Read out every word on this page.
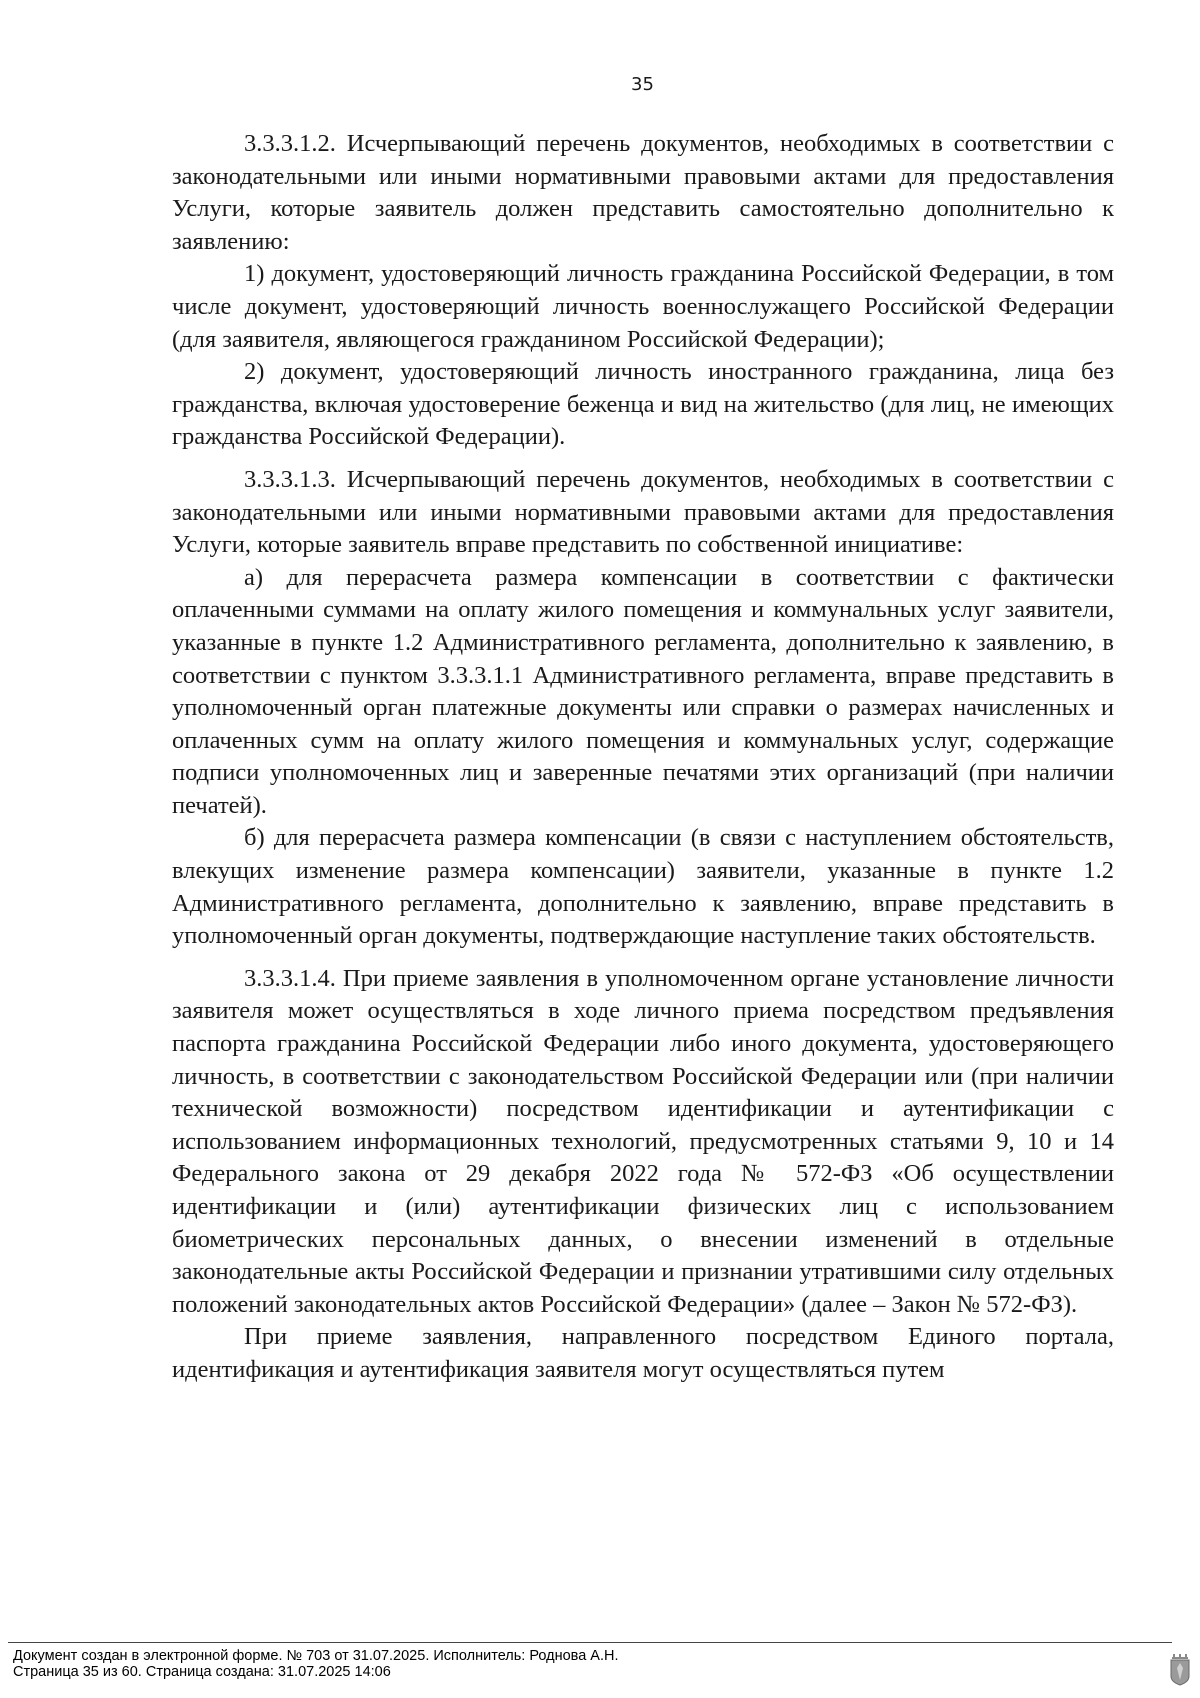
35

3.3.3.1.2. Исчерпывающий перечень документов, необходимых в соответствии с законодательными или иными нормативными правовыми актами для предоставления Услуги, которые заявитель должен представить самостоятельно дополнительно к заявлению:

1) документ, удостоверяющий личность гражданина Российской Федерации, в том числе документ, удостоверяющий личность военнослужащего Российской Федерации (для заявителя, являющегося гражданином Российской Федерации);

2) документ, удостоверяющий личность иностранного гражданина, лица без гражданства, включая удостоверение беженца и вид на жительство (для лиц, не имеющих гражданства Российской Федерации).

3.3.3.1.3. Исчерпывающий перечень документов, необходимых в соответствии с законодательными или иными нормативными правовыми актами для предоставления Услуги, которые заявитель вправе представить по собственной инициативе:

а) для перерасчета размера компенсации в соответствии с фактически оплаченными суммами на оплату жилого помещения и коммунальных услуг заявители, указанные в пункте 1.2 Административного регламента, дополнительно к заявлению, в соответствии с пунктом 3.3.3.1.1 Административного регламента, вправе представить в уполномоченный орган платежные документы или справки о размерах начисленных и оплаченных сумм на оплату жилого помещения и коммунальных услуг, содержащие подписи уполномоченных лиц и заверенные печатями этих организаций (при наличии печатей).

б) для перерасчета размера компенсации (в связи с наступлением обстоятельств, влекущих изменение размера компенсации) заявители, указанные в пункте 1.2 Административного регламента, дополнительно к заявлению, вправе представить в уполномоченный орган документы, подтверждающие наступление таких обстоятельств.

3.3.3.1.4. При приеме заявления в уполномоченном органе установление личности заявителя может осуществляться в ходе личного приема посредством предъявления паспорта гражданина Российской Федерации либо иного документа, удостоверяющего личность, в соответствии с законодательством Российской Федерации или (при наличии технической возможности) посредством идентификации и аутентификации с использованием информационных технологий, предусмотренных статьями 9, 10 и 14 Федерального закона от 29 декабря 2022 года № 572-ФЗ «Об осуществлении идентификации и (или) аутентификации физических лиц с использованием биометрических персональных данных, о внесении изменений в отдельные законодательные акты Российской Федерации и признании утратившими силу отдельных положений законодательных актов Российской Федерации» (далее – Закон № 572-ФЗ).

При приеме заявления, направленного посредством Единого портала, идентификация и аутентификация заявителя могут осуществляться путем

Документ создан в электронной форме. № 703 от 31.07.2025. Исполнитель: Роднова А.Н.
Страница 35 из 60. Страница создана: 31.07.2025 14:06
